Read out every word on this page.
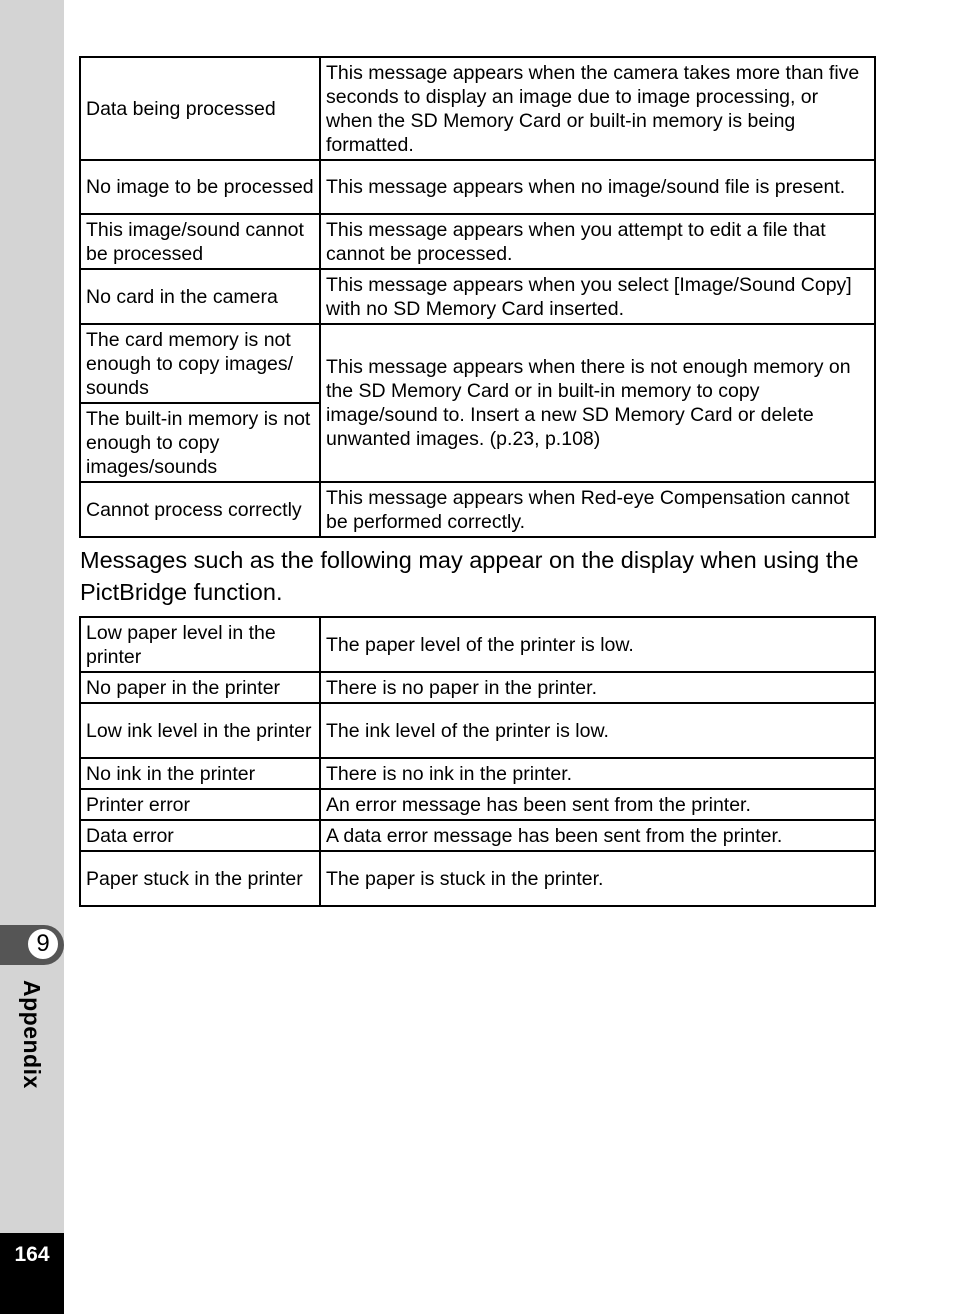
9
Appendix
164
Data being processed	This message appears when the camera takes more than five seconds to display an image due to image processing, or when the SD Memory Card or built-in memory is being formatted.
No image to be processed	This message appears when no image/sound file is present.
This image/sound cannot be processed	This message appears when you attempt to edit a file that cannot be processed.
No card in the camera	This message appears when you select [Image/Sound Copy] with no SD Memory Card inserted.
The card memory is not enough to copy images/ sounds	This message appears when there is not enough memory on the SD Memory Card or in built-in memory to copy image/sound to. Insert a new SD Memory Card or delete unwanted images. (p.23, p.108)
The built-in memory is not enough to copy images/sounds	
Cannot process correctly	This message appears when Red-eye Compensation cannot be performed correctly.
Messages such as the following may appear on the display when using the PictBridge function.
Low paper level in the printer	The paper level of the printer is low.
No paper in the printer	There is no paper in the printer.
Low ink level in the printer	The ink level of the printer is low.
No ink in the printer	There is no ink in the printer.
Printer error	An error message has been sent from the printer.
Data error	A data error message has been sent from the printer.
Paper stuck in the printer	The paper is stuck in the printer.
